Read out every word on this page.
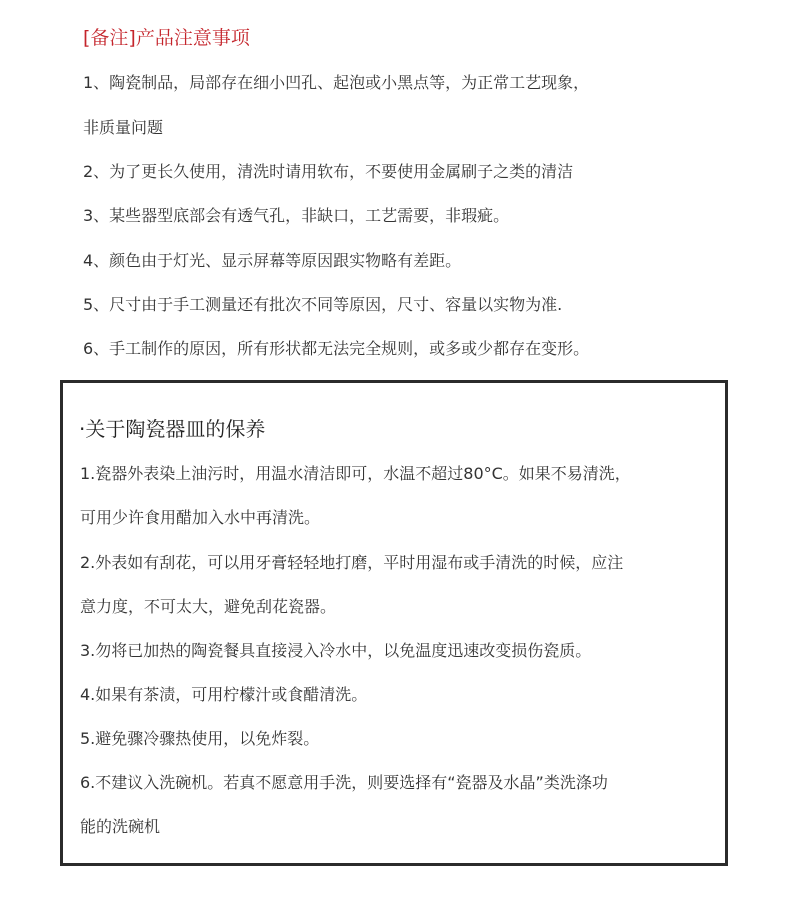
[备注]产品注意事项
1、陶瓷制品，局部存在细小凹孔、起泡或小黑点等，为正常工艺现象，
非质量问题
2、为了更长久使用，清洗时请用软布，不要使用金属刷子之类的清洁
3、某些器型底部会有透气孔，非缺口，工艺需要，非瑕疵。
4、颜色由于灯光、显示屏幕等原因跟实物略有差距。
5、尺寸由于手工测量还有批次不同等原因，尺寸、容量以实物为准.
6、手工制作的原因，所有形状都无法完全规则，或多或少都存在变形。
·关于陶瓷器皿的保养
1.瓷器外表染上油污时，用温水清洁即可，水温不超过80°C。如果不易清洗，
可用少许食用醋加入水中再清洗。
2.外表如有刮花，可以用牙膏轻轻地打磨，平时用湿布或手清洗的时候，应注
意力度，不可太大，避免刮花瓷器。
3.勿将已加热的陶瓷餐具直接浸入冷水中，以免温度迅速改变损伤瓷质。
4.如果有茶渍，可用柠檬汁或食醋清洗。
5.避免骤冷骤热使用，以免炸裂。
6.不建议入洗碗机。若真不愿意用手洗，则要选择有“瓷器及水晶”类洗涤功
能的洗碗机
